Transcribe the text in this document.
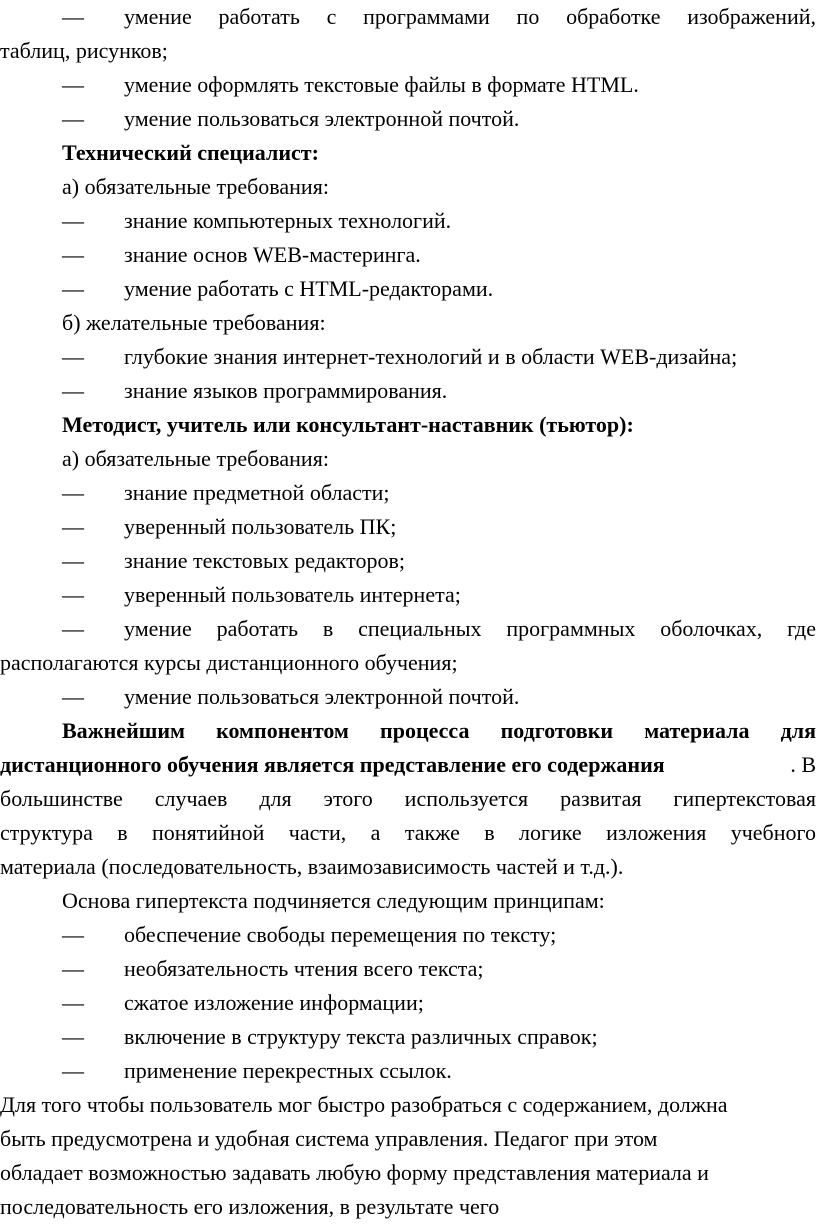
— умение работать с программами по обработке изображений,
таблиц, рисунков;
— умение оформлять текстовые файлы в формате HTML.
— умение пользоваться электронной почтой.
Технический специалист:
а) обязательные требования:
— знание компьютерных технологий.
— знание основ WEB-мастеринга.
— умение работать с HTML-редакторами.
б) желательные требования:
— глубокие знания интернет-технологий и в области WEB-дизайна;
— знание языков программирования.
Методист, учитель или консультант-наставник (тьютор):
а) обязательные требования:
— знание предметной области;
— уверенный пользователь ПК;
— знание текстовых редакторов;
— уверенный пользователь интернета;
— умение работать в специальных программных оболочках, где
располагаются курсы дистанционного обучения;
— умение пользоваться электронной почтой.
Важнейшим компонентом процесса подготовки материала для
дистанционного обучения является представление его содержания	. В
большинстве случаев для этого используется развитая гипертекстовая
структура в понятийной части, а также в логике изложения учебного
материала (последовательность, взаимозависимость частей и т.д.).
Основа гипертекста подчиняется следующим принципам:
— обеспечение свободы перемещения по тексту;
— необязательность чтения всего текста;
— сжатое изложение информации;
— включение в структуру текста различных справок;
— применение перекрестных ссылок.
Для того чтобы пользователь мог быстро разобраться с содержанием, должна
быть предусмотрена и удобная система управления. Педагог при этом
обладает возможностью задавать любую форму представления материала и
последовательность его изложения, в результате чего
